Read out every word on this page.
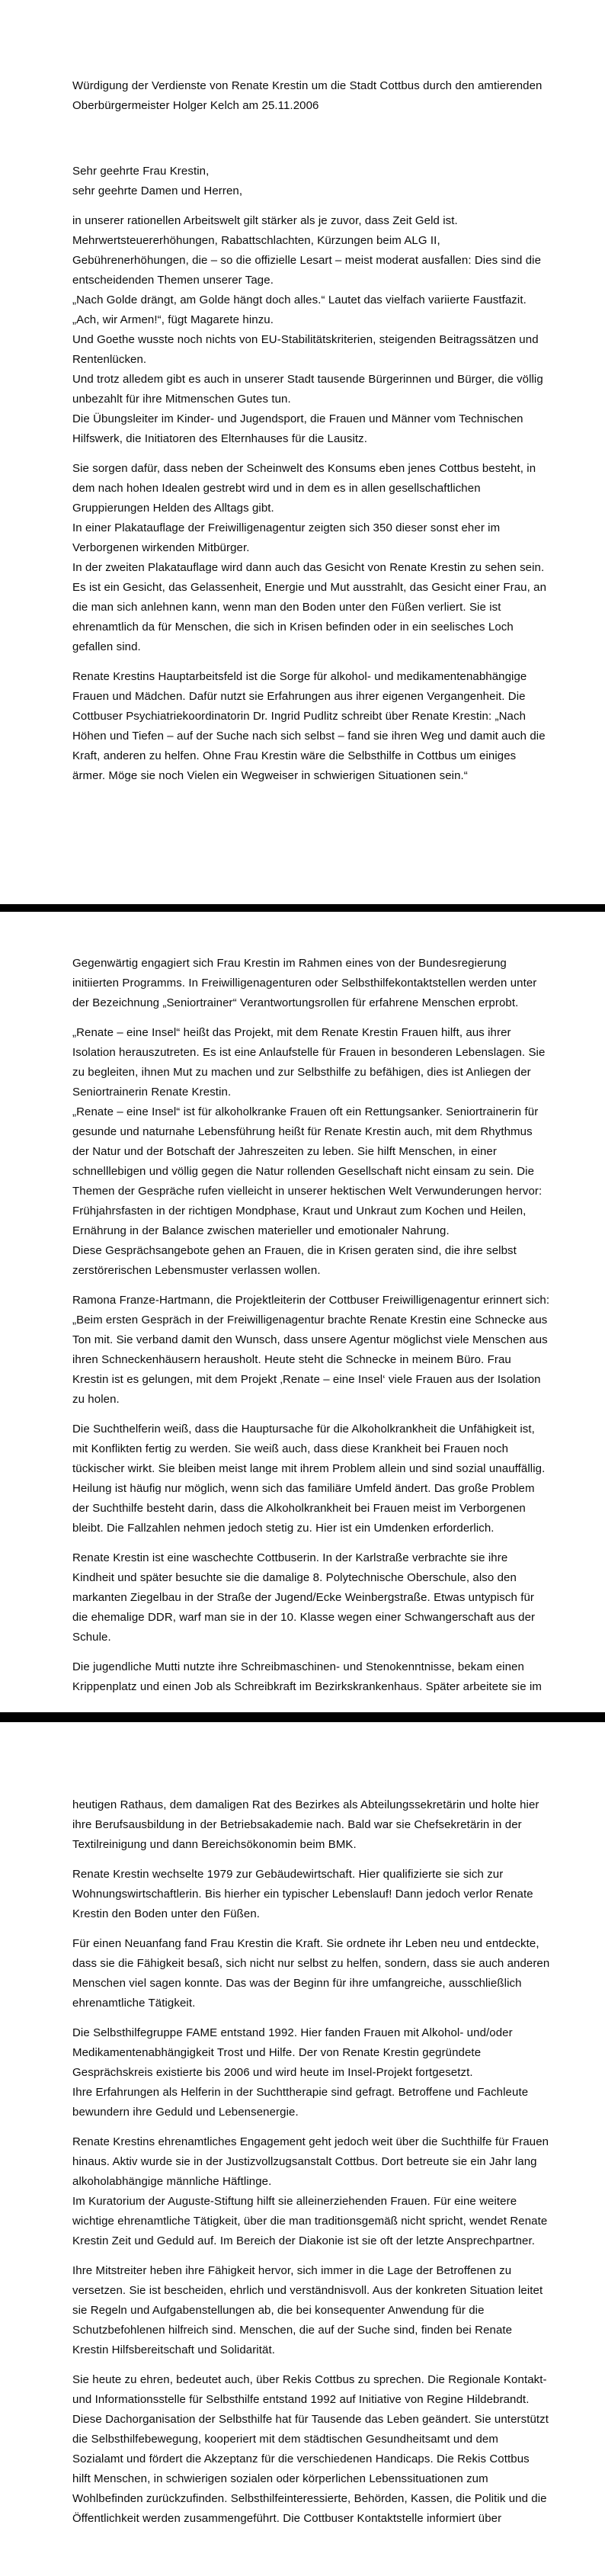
Würdigung der Verdienste von Renate Krestin um die Stadt Cottbus durch den amtierenden
Oberbürgermeister Holger Kelch am 25.11.2006
Sehr geehrte Frau Krestin,
sehr geehrte Damen und Herren,
in unserer rationellen Arbeitswelt gilt stärker als je zuvor, dass Zeit Geld ist.
Mehrwertsteuererhöhungen, Rabattschlachten, Kürzungen beim ALG II,
Gebührenerhöhungen, die – so die offizielle Lesart – meist moderat ausfallen: Dies sind die
entscheidenden Themen unserer Tage.
„Nach Golde drängt, am Golde hängt doch alles.“ Lautet das vielfach variierte Faustfazit.
„Ach, wir Armen!“, fügt Magarete hinzu.
Und Goethe wusste noch nichts von EU-Stabilitätskriterien, steigenden Beitragssätzen und
Rentenlücken.
Und trotz alledem gibt es auch in unserer Stadt tausende Bürgerinnen und Bürger, die völlig
unbezahlt für ihre Mitmenschen Gutes tun.
Die Übungsleiter im Kinder- und Jugendsport, die Frauen und Männer vom Technischen
Hilfswerk, die Initiatoren des Elternhauses für die Lausitz.
Sie sorgen dafür, dass neben der Scheinwelt des Konsums eben jenes Cottbus besteht, in
dem nach hohen Idealen gestrebt wird und in dem es in allen gesellschaftlichen
Gruppierungen Helden des Alltags gibt.
In einer Plakatauflage der Freiwilligenagentur zeigten sich 350 dieser sonst eher im
Verborgenen wirkenden Mitbürger.
In der zweiten Plakatauflage wird dann auch das Gesicht von Renate Krestin zu sehen sein.
Es ist ein Gesicht, das Gelassenheit, Energie und Mut ausstrahlt, das Gesicht einer Frau, an
die man sich anlehnen kann, wenn man den Boden unter den Füßen verliert. Sie ist
ehrenamtlich da für Menschen, die sich in Krisen befinden oder in ein seelisches Loch
gefallen sind.
Renate Krestins Hauptarbeitsfeld ist die Sorge für alkohol- und medikamentenabhängige
Frauen und Mädchen. Dafür nutzt sie Erfahrungen aus ihrer eigenen Vergangenheit. Die
Cottbuser Psychiatriekoordinatorin Dr. Ingrid Pudlitz schreibt über Renate Krestin: „Nach
Höhen und Tiefen – auf der Suche nach sich selbst – fand sie ihren Weg und damit auch die
Kraft, anderen zu helfen. Ohne Frau Krestin wäre die Selbsthilfe in Cottbus um einiges
ärmer. Möge sie noch Vielen ein Wegweiser in schwierigen Situationen sein.“
Gegenwärtig engagiert sich Frau Krestin im Rahmen eines von der Bundesregierung
initiierten Programms. In Freiwilligenagenturen oder Selbsthilfekontaktstellen werden unter
der Bezeichnung „Seniortrainer“ Verantwortungsrollen für erfahrene Menschen erprobt.
„Renate – eine Insel“ heißt das Projekt, mit dem Renate Krestin Frauen hilft, aus ihrer
Isolation herauszutreten. Es ist eine Anlaufstelle für Frauen in besonderen Lebenslagen. Sie
zu begleiten, ihnen Mut zu machen und zur Selbsthilfe zu befähigen, dies ist Anliegen der
Seniortrainerin Renate Krestin.
„Renate – eine Insel“ ist für alkoholkranke Frauen oft ein Rettungsanker. Seniortrainerin für
gesunde und naturnahe Lebensführung heißt für Renate Krestin auch, mit dem Rhythmus
der Natur und der Botschaft der Jahreszeiten zu leben. Sie hilft Menschen, in einer
schnelllebigen und völlig gegen die Natur rollenden Gesellschaft nicht einsam zu sein. Die
Themen der Gespräche rufen vielleicht in unserer hektischen Welt Verwunderungen hervor:
Frühjahrsfasten in der richtigen Mondphase, Kraut und Unkraut zum Kochen und Heilen,
Ernährung in der Balance zwischen materieller und emotionaler Nahrung.
Diese Gesprächsangebote gehen an Frauen, die in Krisen geraten sind, die ihre selbst
zerstörerischen Lebensmuster verlassen wollen.
Ramona Franze-Hartmann, die Projektleiterin der Cottbuser Freiwilligenagentur erinnert sich:
„Beim ersten Gespräch in der Freiwilligenagentur brachte Renate Krestin eine Schnecke aus
Ton mit. Sie verband damit den Wunsch, dass unsere Agentur möglichst viele Menschen aus
ihren Schneckenhäusern herausholt. Heute steht die Schnecke in meinem Büro. Frau
Krestin ist es gelungen, mit dem Projekt ‚Renate – eine Insel‘ viele Frauen aus der Isolation
zu holen.
Die Suchthelferin weiß, dass die Hauptursache für die Alkoholkrankheit die Unfähigkeit ist,
mit Konflikten fertig zu werden. Sie weiß auch, dass diese Krankheit bei Frauen noch
tückischer wirkt. Sie bleiben meist lange mit ihrem Problem allein und sind sozial unauffällig.
Heilung ist häufig nur möglich, wenn sich das familiäre Umfeld ändert. Das große Problem
der Suchthilfe besteht darin, dass die Alkoholkrankheit bei Frauen meist im Verborgenen
bleibt. Die Fallzahlen nehmen jedoch stetig zu. Hier ist ein Umdenken erforderlich.
Renate Krestin ist eine waschechte Cottbuserin. In der Karlstraße verbrachte sie ihre
Kindheit und später besuchte sie die damalige 8. Polytechnische Oberschule, also den
markanten Ziegelbau in der Straße der Jugend/Ecke Weinbergstraße. Etwas untypisch für
die ehemalige DDR, warf man sie in der 10. Klasse wegen einer Schwangerschaft aus der
Schule.
Die jugendliche Mutti nutzte ihre Schreibmaschinen- und Stenokenntnisse, bekam einen
Krippenplatz und einen Job als Schreibkraft im Bezirkskrankenhaus. Später arbeitete sie im
heutigen Rathaus, dem damaligen Rat des Bezirkes als Abteilungssekretärin und holte hier
ihre Berufsausbildung in der Betriebsakademie nach. Bald war sie Chefsekretärin in der
Textilreinigung und dann Bereichsökonomin beim BMK.
Renate Krestin wechselte 1979 zur Gebäudewirtschaft. Hier qualifizierte sie sich zur
Wohnungswirtschaftlerin. Bis hierher ein typischer Lebenslauf! Dann jedoch verlor Renate
Krestin den Boden unter den Füßen.
Für einen Neuanfang fand Frau Krestin die Kraft. Sie ordnete ihr Leben neu und entdeckte,
dass sie die Fähigkeit besaß, sich nicht nur selbst zu helfen, sondern, dass sie auch anderen
Menschen viel sagen konnte. Das was der Beginn für ihre umfangreiche, ausschließlich
ehrenamtliche Tätigkeit.
Die Selbsthilfegruppe FAME entstand 1992. Hier fanden Frauen mit Alkohol- und/oder
Medikamentenabhängigkeit Trost und Hilfe. Der von Renate Krestin gegründete
Gesprächskreis existierte bis 2006 und wird heute im Insel-Projekt fortgesetzt.
Ihre Erfahrungen als Helferin in der Suchttherapie sind gefragt. Betroffene und Fachleute
bewundern ihre Geduld und Lebensenergie.
Renate Krestins ehrenamtliches Engagement geht jedoch weit über die Suchthilfe für Frauen
hinaus. Aktiv wurde sie in der Justizvollzugsanstalt Cottbus. Dort betreute sie ein Jahr lang
alkoholabhängige männliche Häftlinge.
Im Kuratorium der Auguste-Stiftung hilft sie alleinerziehenden Frauen. Für eine weitere
wichtige ehrenamtliche Tätigkeit, über die man traditionsgemäß nicht spricht, wendet Renate
Krestin Zeit und Geduld auf. Im Bereich der Diakonie ist sie oft der letzte Ansprechpartner.
Ihre Mitstreiter heben ihre Fähigkeit hervor, sich immer in die Lage der Betroffenen zu
versetzen. Sie ist bescheiden, ehrlich und verständnisvoll. Aus der konkreten Situation leitet
sie Regeln und Aufgabenstellungen ab, die bei konsequenter Anwendung für die
Schutzbefohlenen hilfreich sind. Menschen, die auf der Suche sind, finden bei Renate
Krestin Hilfsbereitschaft und Solidarität.
Sie heute zu ehren, bedeutet auch, über Rekis Cottbus zu sprechen. Die Regionale Kontakt-
und Informationsstelle für Selbsthilfe entstand 1992 auf Initiative von Regine Hildebrandt.
Diese Dachorganisation der Selbsthilfe hat für Tausende das Leben geändert. Sie unterstützt
die Selbsthilfebewegung, kooperiert mit dem städtischen Gesundheitsamt und dem
Sozialamt und fördert die Akzeptanz für die verschiedenen Handicaps. Die Rekis Cottbus
hilft Menschen, in schwierigen sozialen oder körperlichen Lebenssituationen zum
Wohlbefinden zurückzufinden. Selbsthilfeinteressierte, Behörden, Kassen, die Politik und die
Öffentlichkeit werden zusammengeführt. Die Cottbuser Kontaktstelle informiert über
